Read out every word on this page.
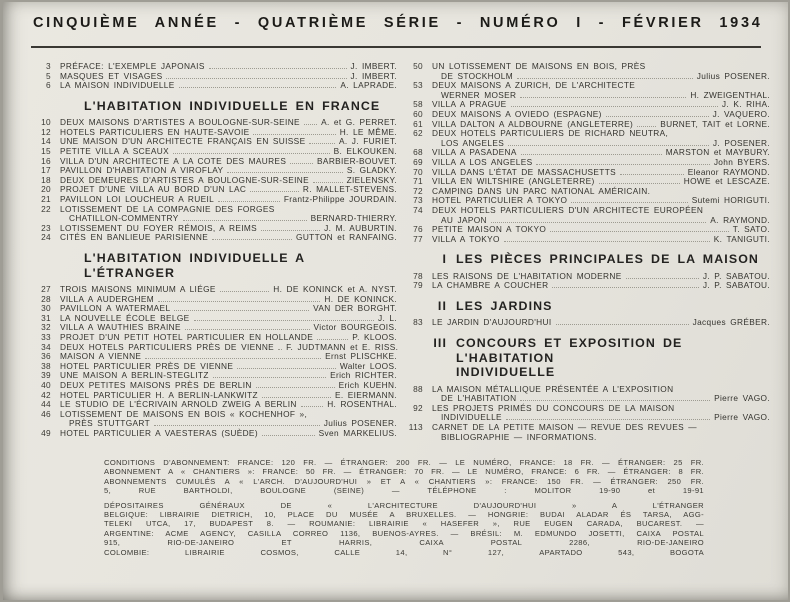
CINQUIÈME ANNÉE - QUATRIÈME SÉRIE - NUMÉRO I - FÉVRIER 1934
3 PRÉFACE: L'EXEMPLE JAPONAIS	J. IMBERT.
5 MASQUES ET VISAGES	J. IMBERT.
6 LA MAISON INDIVIDUELLE	A. LAPRADE.
L'HABITATION INDIVIDUELLE EN FRANCE
10 DEUX MAISONS D'ARTISTES A BOULOGNE-SUR-SEINE	A. et G. PERRET.
12 HOTELS PARTICULIERS EN HAUTE-SAVOIE	H. LE MÊME.
14 UNE MAISON D'UN ARCHITECTE FRANÇAIS EN SUISSE	A. J. FURIET.
15 PETITE VILLA A SCEAUX	B. ELKOUKEN.
16 VILLA D'UN ARCHITECTE A LA COTE DES MAURES	BARBIER-BOUVET.
17 PAVILLON D'HABITATION A VIROFLAY	S. GLADKY.
18 DEUX DEMEURES D'ARTISTES A BOULOGNE-SUR-SEINE	ZIELENSKY.
20 PROJET D'UNE VILLA AU BORD D'UN LAC	R. MALLET-STEVENS.
21 PAVILLON LOI LOUCHEUR A RUEIL	Frantz-Philippe JOURDAIN.
22 LOTISSEMENT DE LA COMPAGNIE DES FORGES
CHATILLON-COMMENTRY	BERNARD-THIERRY.
23 LOTISSEMENT DU FOYER RÉMOIS, A REIMS	J. M. AUBURTIN.
24 CITÉS EN BANLIEUE PARISIENNE	GUTTON et RANFAING.
L'HABITATION INDIVIDUELLE A L'ÉTRANGER
27 TROIS MAISONS MINIMUM A LIÉGE	H. DE KONINCK et A. NYST.
28 VILLA A AUDERGHEM	H. DE KONINCK.
30 PAVILLON A WATERMAEL	VAN DER BORGHT.
31 LA NOUVELLE ÉCOLE BELGE	J. L.
32 VILLA A WAUTHIES BRAINE	Victor BOURGEOIS.
33 PROJET D'UN PETIT HOTEL PARTICULIER EN HOLLANDE	P. KLOOS.
34 DEUX HOTELS PARTICULIERS PRÈS DE VIENNE F. JUDTMANN et E. RISS.
36 MAISON A VIENNE	Ernst PLISCHKE.
38 HOTEL PARTICULIER PRÈS DE VIENNE	Walter LOOS.
39 UNE MAISON A BERLIN-STEGLITZ	Erich RICHTER.
40 DEUX PETITES MAISONS PRÈS DE BERLIN	Erich KUEHN.
42 HOTEL PARTICULIER H. A BERLIN-LANKWITZ	E. EIERMANN.
44 LE STUDIO DE L'ÉCRIVAIN ARNOLD ZWEIG A BERLIN	H. ROSENTHAL.
46 LOTISSEMENT DE MAISONS EN BOIS « KOCHENHOF »,
PRÈS STUTTGART	Julius POSENER.
49 HOTEL PARTICULIER A VAESTERAS (SUÈDE)	Sven MARKELIUS.
50 UN LOTISSEMENT DE MAISONS EN BOIS, PRÈS
DE STOCKHOLM	Julius POSENER.
53 DEUX MAISONS A ZURICH, DE L'ARCHITECTE
WERNER MOSER	H. ZWEIGENTHAL.
58 VILLA A PRAGUE	J. K. RIHA.
60 DEUX MAISONS A OVIEDO (ESPAGNE)	J. VAQUERO.
61 VILLA DALTON A ALDBOURNE (ANGLETERRE)	BURNET, TAIT et LORNE.
62 DEUX HOTELS PARTICULIERS DE RICHARD NEUTRA,
LOS ANGELES	J. POSENER.
68 VILLA A PASADENA	MARSTON et MAYBURY.
69 VILLA A LOS ANGELES	John BYERS.
70 VILLA DANS L'ÉTAT DE MASSACHUSETTS	Eleanor RAYMOND.
71 VILLA EN WILTSHIRE (ANGLETERRE)	HOWE et LESCAZE.
72 CAMPING DANS UN PARC NATIONAL AMÉRICAIN.
73 HOTEL PARTICULIER A TOKYO	Sutemi HORIGUTI.
74 DEUX HOTELS PARTICULIERS D'UN ARCHITECTE EUROPÉEN
AU JAPON	A. RAYMOND.
76 PETITE MAISON A TOKYO	T. SATO.
77 VILLA A TOKYO	K. TANIGUTI.
I LES PIÈCES PRINCIPALES DE LA MAISON
78 LES RAISONS DE L'HABITATION MODERNE	J. P. SABATOU.
79 LA CHAMBRE A COUCHER	J. P. SABATOU.
II LES JARDINS
83 LE JARDIN D'AUJOURD'HUI	Jacques GRÉBER.
III CONCOURS ET EXPOSITION DE L'HABITATION
INDIVIDUELLE
88 LA MAISON MÉTALLIQUE PRÉSENTÉE A L'EXPOSITION
DE L'HABITATION	Pierre VAGO.
92 LES PROJETS PRIMÉS DU CONCOURS DE LA MAISON
INDIVIDUELLE	Pierre VAGO.
113 CARNET DE LA PETITE MAISON — REVUE DES REVUES —
BIBLIOGRAPHIE — INFORMATIONS.
CONDITIONS D'ABONNEMENT: FRANCE: 120 FR. — ÉTRANGER: 200 FR. — LE NUMÉRO, FRANCE: 18 FR. — ÉTRANGER: 25 FR.
ABONNEMENT A « CHANTIERS »: FRANCE: 50 FR. — ÉTRANGER: 70 FR. — LE NUMÉRO, FRANCE: 6 FR. — ÉTRANGER: 8 FR.
ABONNEMENTS CUMULÉS A « L'ARCH. D'AUJOURD'HUI » ET A « CHANTIERS »: FRANCE: 150 FR. — ÉTRANGER: 250 FR.
5, RUE BARTHOLDI, BOULOGNE (SEINE) — TÉLÉPHONE : MOLITOR 19-90 et 19-91
DÉPOSITAIRES GÉNÉRAUX DE « L'ARCHITECTURE D'AUJOURD'HUI » A L'ÉTRANGER
BELGIQUE: LIBRAIRIE DIETRICH, 10, PLACE DU MUSÉE A BRUXELLES. — HONGRIE: BUDAI ALADAR ÉS TARSA, AGG-
TELEKI UTCA, 17, BUDAPEST 8. — ROUMANIE: LIBRAIRIE « HASEFER », RUE EUGEN CARADA, BUCAREST. —
ARGENTINE: ACME AGENCY, CASILLA CORREO 1136, BUENOS-AYRES. — BRÉSIL: M. EDMUNDO JOSETTI, CAIXA POSTAL
915, RIO-DE-JANEIRO ET HARRIS, CAIXA POSTAL 2286, RIO-DE-JANEIRO
COLOMBIE: LIBRAIRIE COSMOS, CALLE 14, N° 127, APARTADO 543, BOGOTA
